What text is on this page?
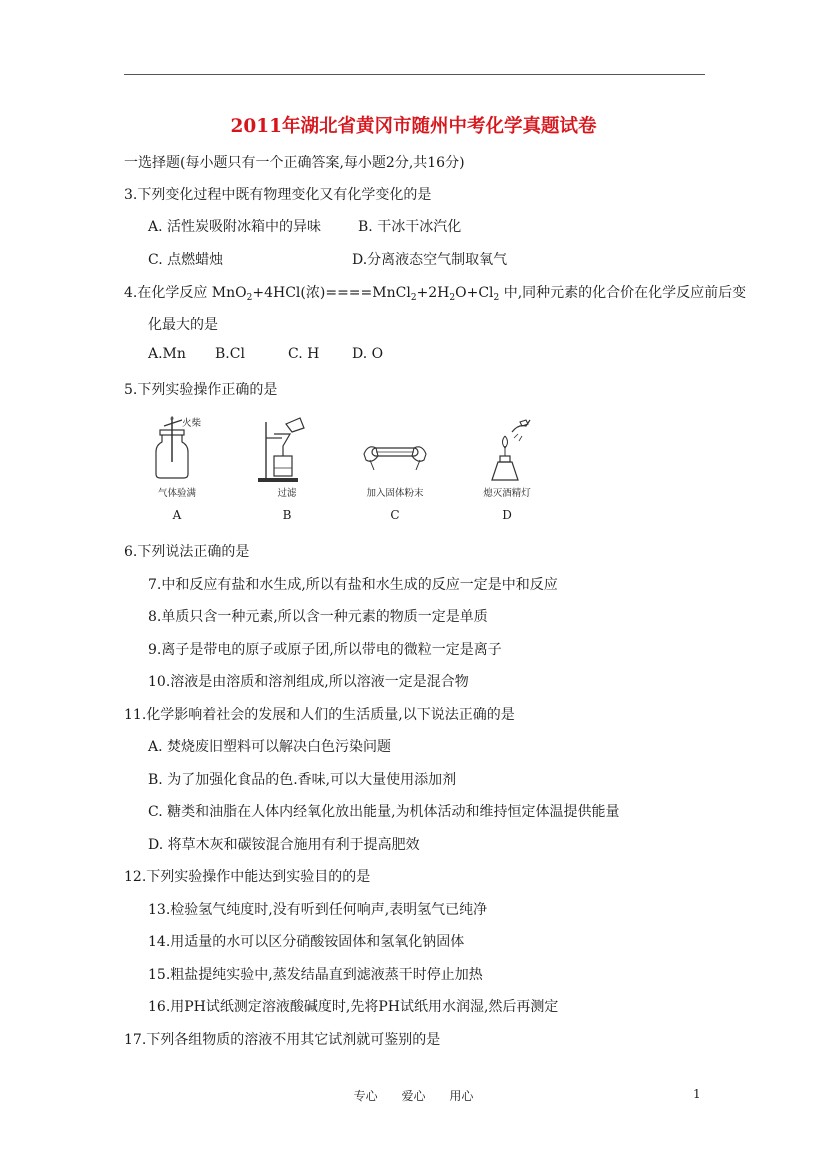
2011年湖北省黄冈市随州中考化学真题试卷
一选择题(每小题只有一个正确答案,每小题2分,共16分)
3.下列变化过程中既有物理变化又有化学变化的是
A. 活性炭吸附冰箱中的异味	B. 干冰干冰汽化
C. 点燃蜡烛	D.分离液态空气制取氧气
4.在化学反应 MnO$_2$+4HCl(浓)$====MnCl_2+2H_2O+Cl_2$ 中,同种元素的化合价在化学反应前后变
化最大的是
A.Mn B.Cl	C. H D. O
5.下列实验操作正确的是
火柴
气体验满
A
过滤
B
加入固体粉末
C
熄灭酒精灯
D
6.下列说法正确的是
7.中和反应有盐和水生成,所以有盐和水生成的反应一定是中和反应
8.单质只含一种元素,所以含一种元素的物质一定是单质
9.离子是带电的原子或原子团,所以带电的微粒一定是离子
10.溶液是由溶质和溶剂组成,所以溶液一定是混合物
11.化学影响着社会的发展和人们的生活质量,以下说法正确的是
A. 焚烧废旧塑料可以解决白色污染问题
B. 为了加强化食品的色.香味,可以大量使用添加剂
C. 糖类和油脂在人体内经氧化放出能量,为机体活动和维持恒定体温提供能量
D. 将草木灰和碳铵混合施用有利于提高肥效
12.下列实验操作中能达到实验目的的是
13.检验氢气纯度时,没有听到任何响声,表明氢气已纯净
14.用适量的水可以区分硝酸铵固体和氢氧化钠固体
15.粗盐提纯实验中,蒸发结晶直到滤液蒸干时停止加热
16.用PH试纸测定溶液酸碱度时,先将PH试纸用水润湿,然后再测定
17.下列各组物质的溶液不用其它试剂就可鉴别的是
专心 爱心 用心	1
